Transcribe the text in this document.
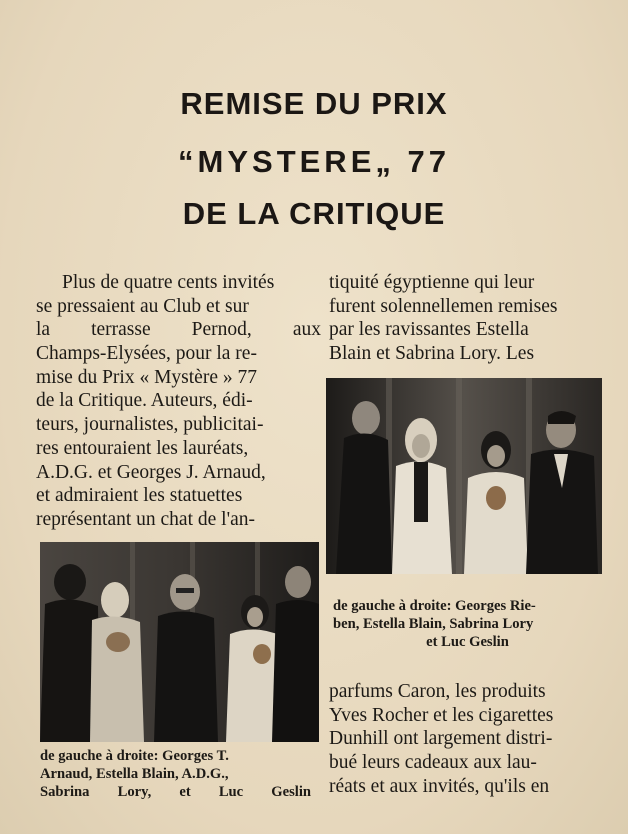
REMISE DU PRIX
“MYSTERE„ 77
DE LA CRITIQUE
Plus de quatre cents invités
se pressaient au Club et sur
la terrasse Pernod, aux
Champs-Elysées, pour la re-
mise du Prix « Mystère » 77
de la Critique. Auteurs, édi-
teurs, journalistes, publicitai-
res entouraient les lauréats,
A.D.G. et Georges J. Arnaud,
et admiraient les statuettes
représentant un chat de l'an-
tiquité égyptienne qui leur
furent solennellemen remises
par les ravissantes Estella
Blain et Sabrina Lory. Les
de gauche à droite: Georges Rie-
ben, Estella Blain, Sabrina Lory
et Luc Geslin
parfums Caron, les produits
Yves Rocher et les cigarettes
Dunhill ont largement distri-
bué leurs cadeaux aux lau-
réats et aux invités, qu'ils en
de gauche à droite: Georges T.
Arnaud, Estella Blain, A.D.G.,
Sabrina Lory, et Luc Geslin
